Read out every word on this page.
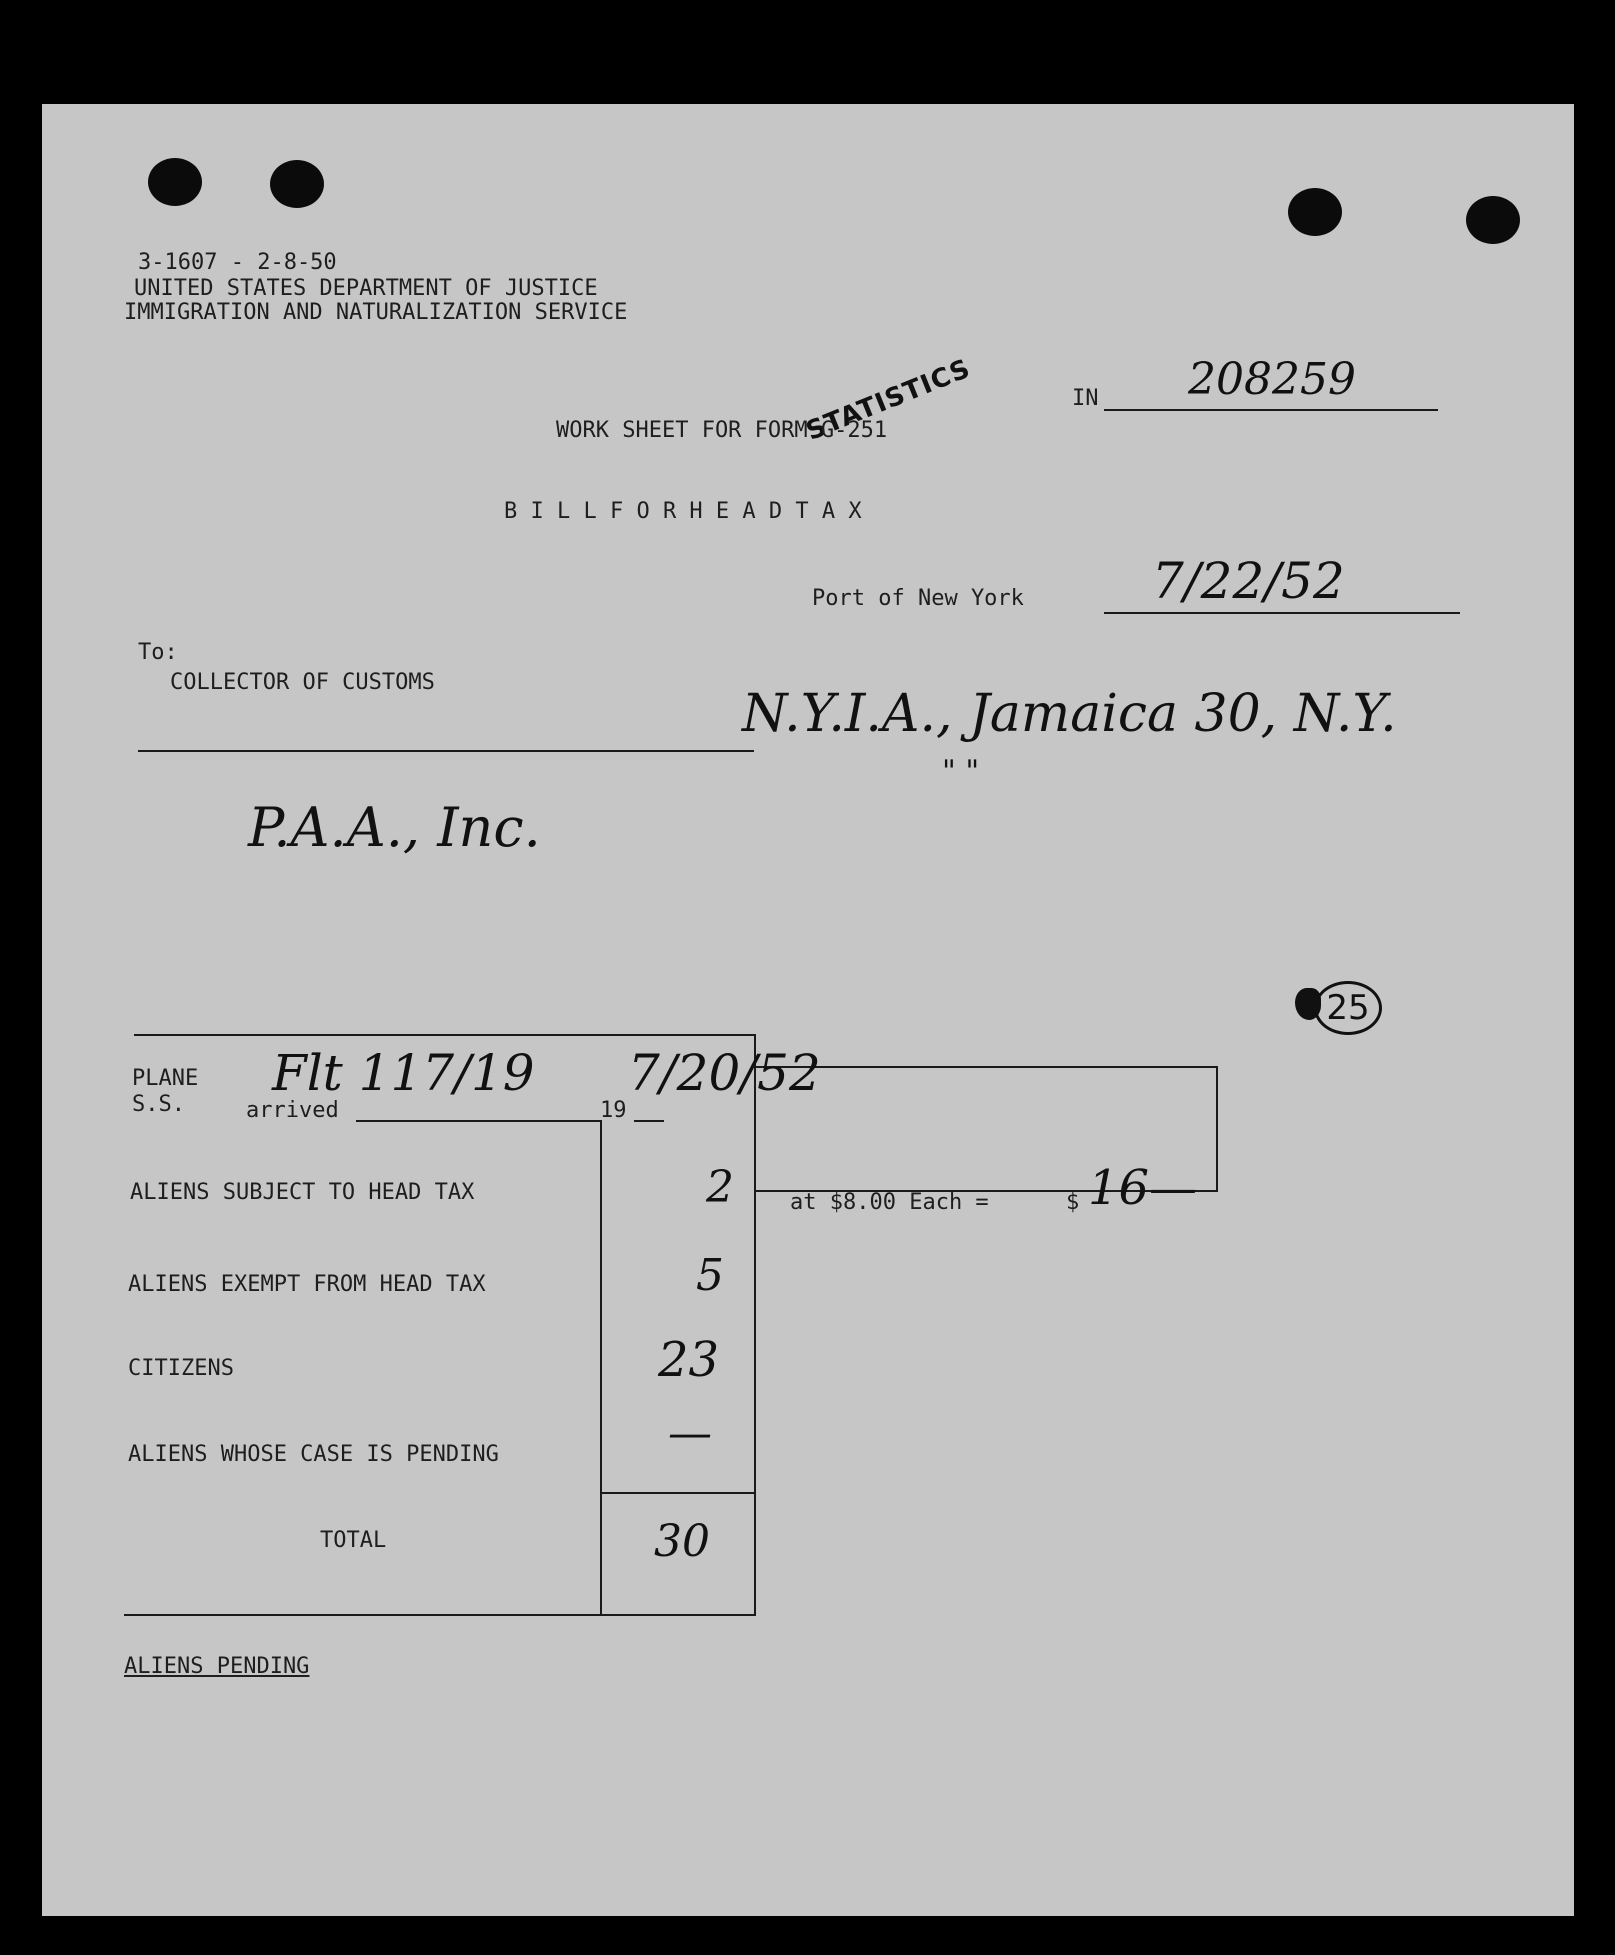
3-1607 - 2-8-50
UNITED STATES DEPARTMENT OF JUSTICE
IMMIGRATION AND NATURALIZATION SERVICE
STATISTICS	IN 208259
WORK SHEET FOR FORM G-251
B I L L F O R H E A D T A X
Port of New York	7/22/52
To:
COLLECTOR OF CUSTOMS
N.Y.I.A., Jamaica 30, N.Y.
" "
P.A.A., Inc.
25
PLANE
S.S.	arrived	19
Flt 117/19 7/20/52
ALIENS SUBJECT TO HEAD TAX	2	at $8.00 Each =	$ 16—
ALIENS EXEMPT FROM HEAD TAX	5
CITIZENS	23
ALIENS WHOSE CASE IS PENDING	—
TOTAL	30
ALIENS PENDING
